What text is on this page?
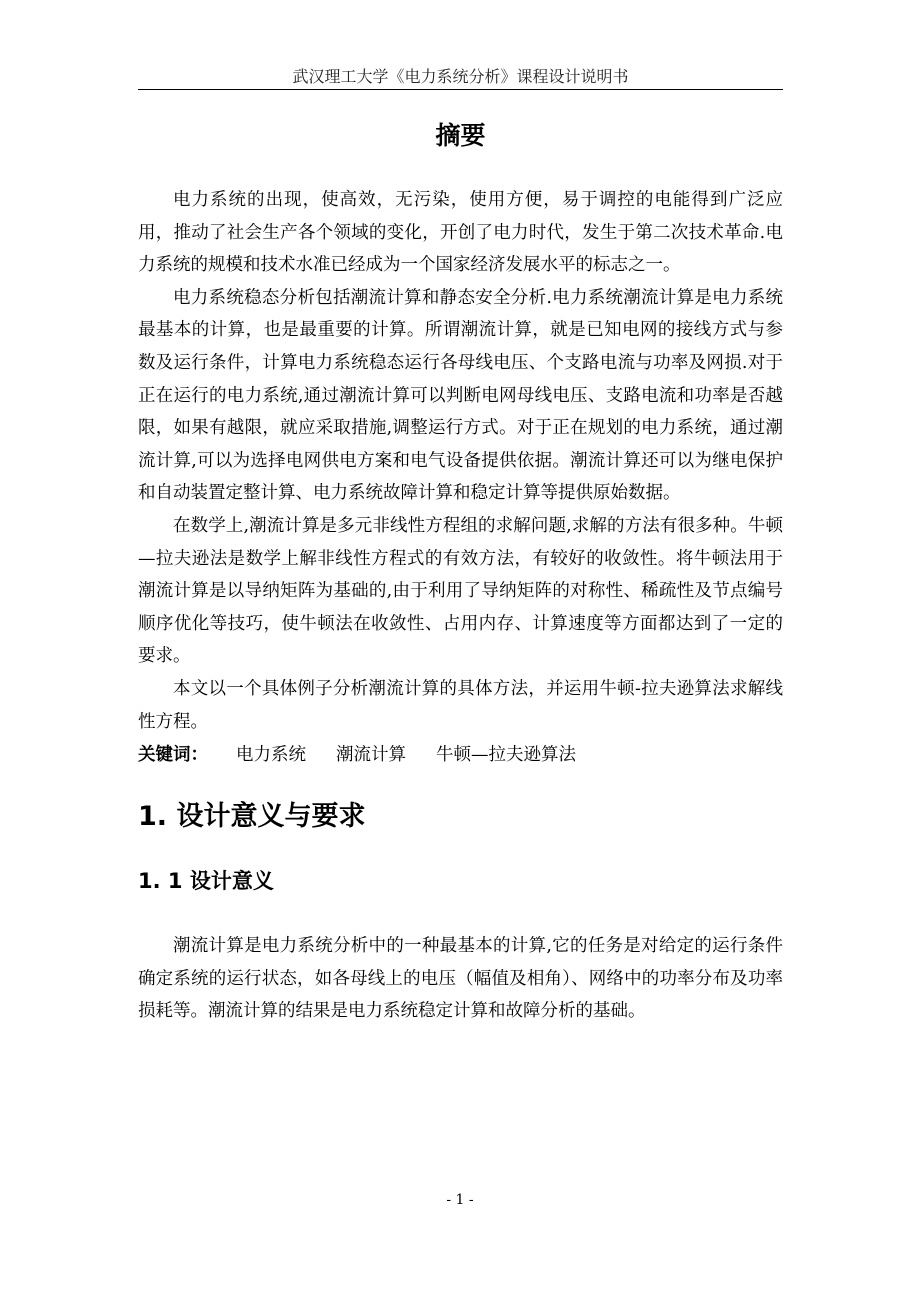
武汉理工大学《电力系统分析》课程设计说明书
摘要

电力系统的出现，使高效，无污染，使用方便，易于调控的电能得到广泛应用，推动了社会生产各个领域的变化，开创了电力时代，发生于第二次技术革命.电力系统的规模和技术水准已经成为一个国家经济发展水平的标志之一。

电力系统稳态分析包括潮流计算和静态安全分析.电力系统潮流计算是电力系统最基本的计算，也是最重要的计算。所谓潮流计算，就是已知电网的接线方式与参数及运行条件，计算电力系统稳态运行各母线电压、个支路电流与功率及网损.对于正在运行的电力系统,通过潮流计算可以判断电网母线电压、支路电流和功率是否越限，如果有越限，就应采取措施,调整运行方式。对于正在规划的电力系统，通过潮流计算,可以为选择电网供电方案和电气设备提供依据。潮流计算还可以为继电保护和自动装置定整计算、电力系统故障计算和稳定计算等提供原始数据。

在数学上,潮流计算是多元非线性方程组的求解问题,求解的方法有很多种。牛顿—拉夫逊法是数学上解非线性方程式的有效方法，有较好的收敛性。将牛顿法用于潮流计算是以导纳矩阵为基础的,由于利用了导纳矩阵的对称性、稀疏性及节点编号顺序优化等技巧，使牛顿法在收敛性、占用内存、计算速度等方面都达到了一定的要求。

本文以一个具体例子分析潮流计算的具体方法，并运用牛顿-拉夫逊算法求解线性方程。

关键词： 电力系统 潮流计算 牛顿—拉夫逊算法

1. 设计意义与要求
1. 1 设计意义

潮流计算是电力系统分析中的一种最基本的计算,它的任务是对给定的运行条件确定系统的运行状态，如各母线上的电压（幅值及相角）、网络中的功率分布及功率损耗等。潮流计算的结果是电力系统稳定计算和故障分析的基础。

- 1 -
